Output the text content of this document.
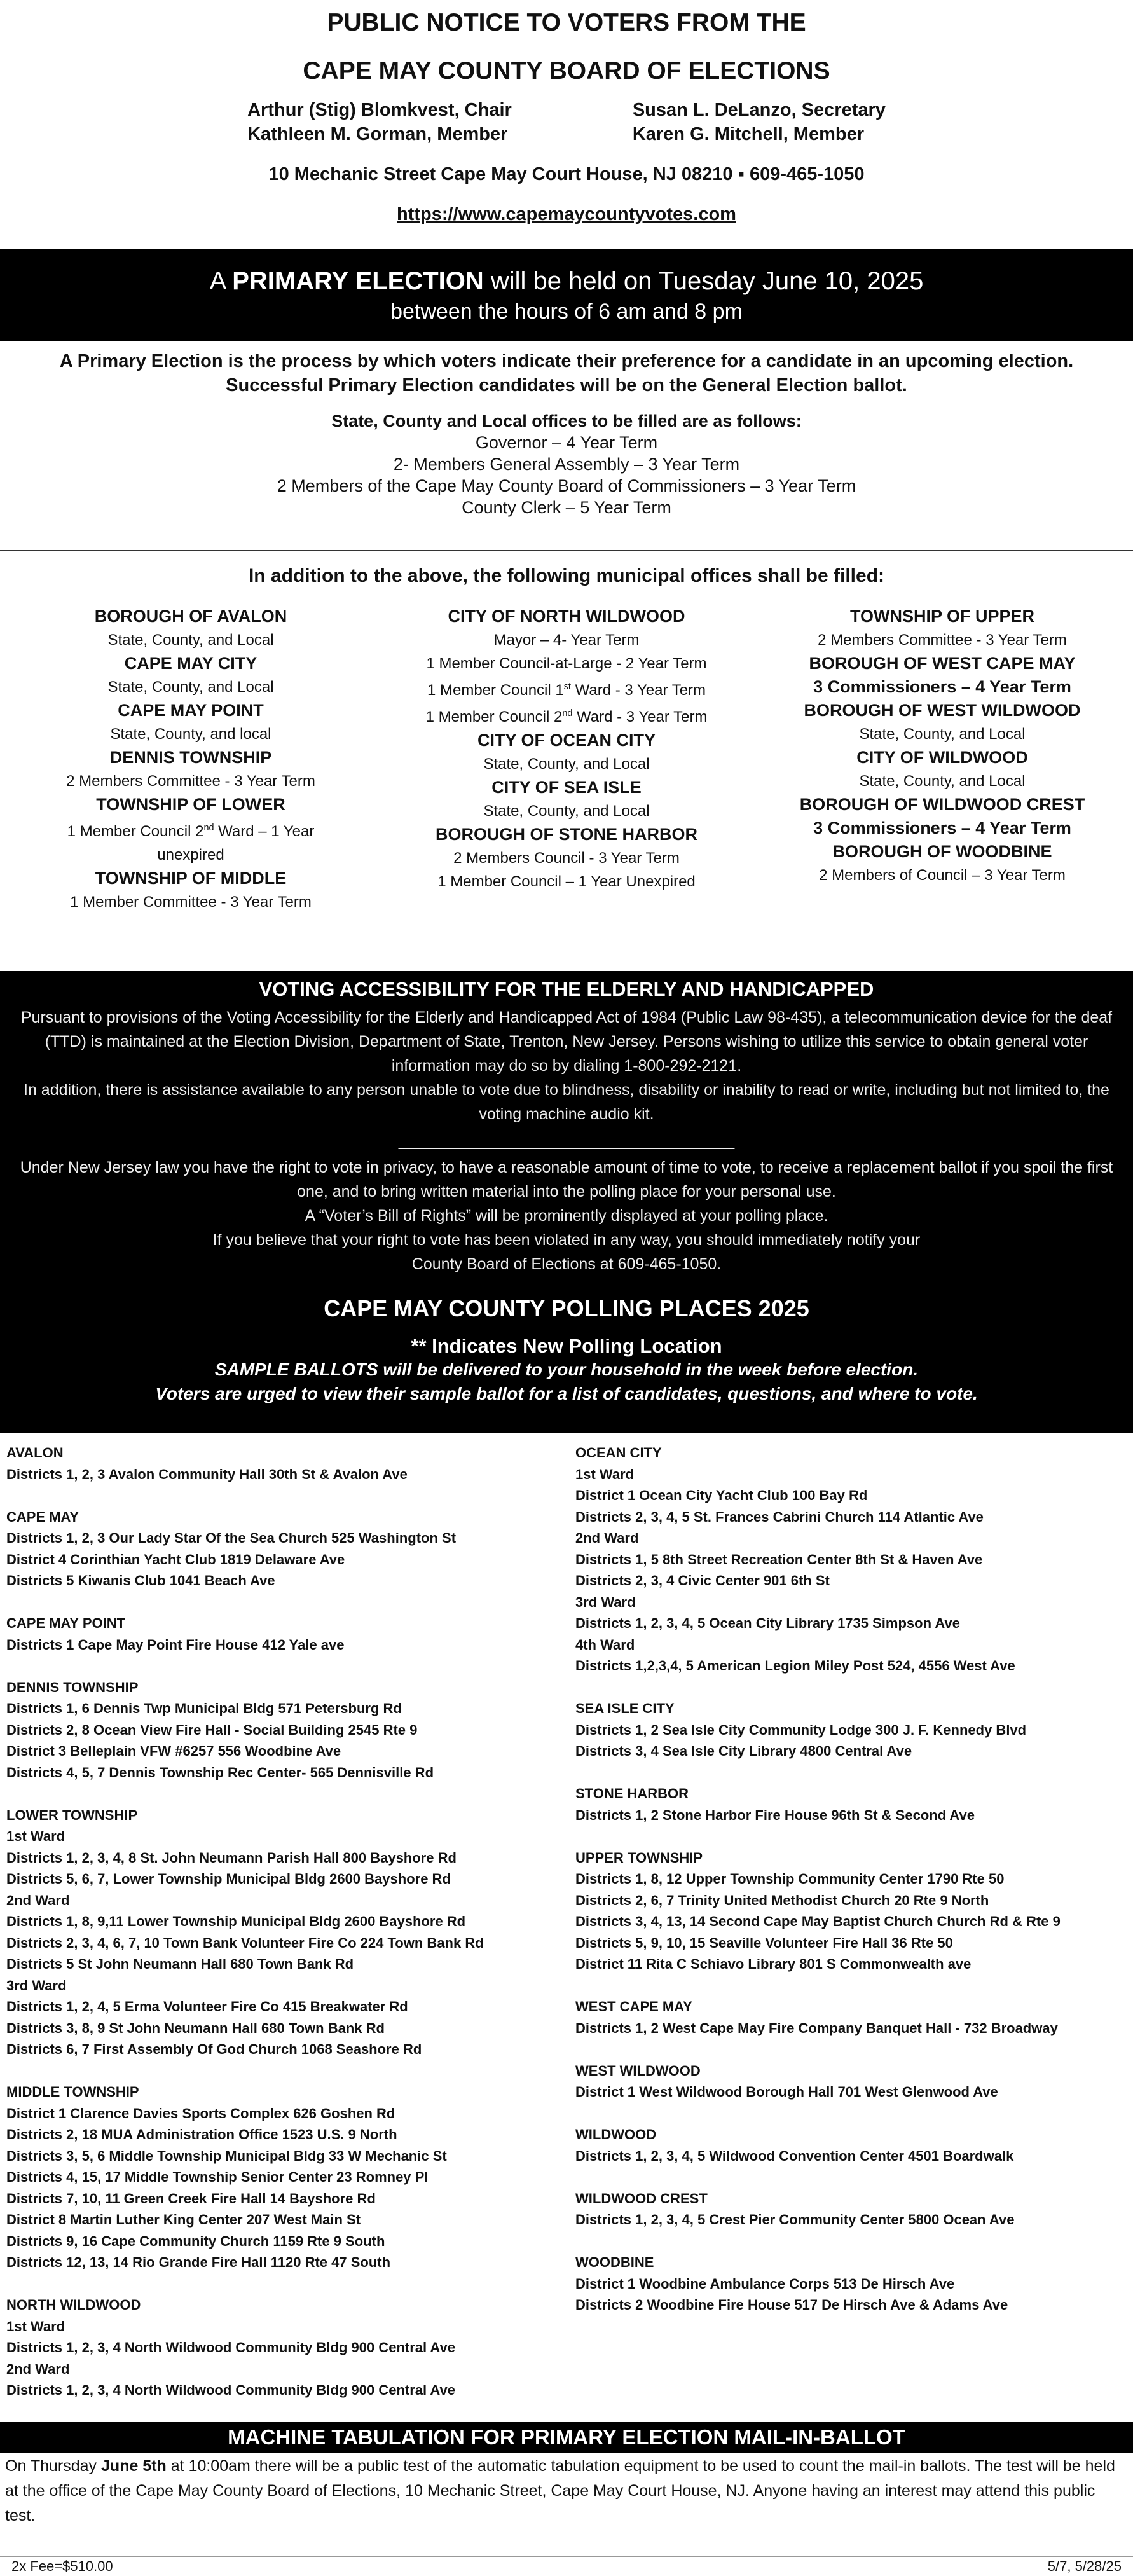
PUBLIC NOTICE TO VOTERS FROM THE
CAPE MAY COUNTY BOARD OF ELECTIONS
Arthur (Stig) Blomkvest, Chair
Kathleen M. Gorman, Member
Susan L. DeLanzo, Secretary
Karen G. Mitchell, Member
10 Mechanic Street Cape May Court House, NJ 08210 ▪ 609-465-1050
https://www.capemaycountyvotes.com
A PRIMARY ELECTION will be held on Tuesday June 10, 2025
between the hours of 6 am and 8 pm
A Primary Election is the process by which voters indicate their preference for a candidate in an upcoming election.
Successful Primary Election candidates will be on the General Election ballot.
State, County and Local offices to be filled are as follows:
Governor – 4 Year Term
2- Members General Assembly – 3 Year Term
2 Members of the Cape May County Board of Commissioners – 3 Year Term
County Clerk – 5 Year Term
In addition to the above, the following municipal offices shall be filled:
BOROUGH OF AVALON
State, County, and Local
CAPE MAY CITY
State, County, and Local
CAPE MAY POINT
State, County, and local
DENNIS TOWNSHIP
2 Members Committee - 3 Year Term
TOWNSHIP OF LOWER
1 Member Council 2nd Ward – 1 Year
unexpired
TOWNSHIP OF MIDDLE
1 Member Committee - 3 Year Term
CITY OF NORTH WILDWOOD
Mayor – 4- Year Term
1 Member Council-at-Large - 2 Year Term
1 Member Council 1st Ward - 3 Year Term
1 Member Council 2nd Ward - 3 Year Term
CITY OF OCEAN CITY
State, County, and Local
CITY OF SEA ISLE
State, County, and Local
BOROUGH OF STONE HARBOR
2 Members Council - 3 Year Term
1 Member Council – 1 Year Unexpired
TOWNSHIP OF UPPER
2 Members Committee - 3 Year Term
BOROUGH OF WEST CAPE MAY
3 Commissioners – 4 Year Term
BOROUGH OF WEST WILDWOOD
State, County, and Local
CITY OF WILDWOOD
State, County, and Local
BOROUGH OF WILDWOOD CREST
3 Commissioners – 4 Year Term
BOROUGH OF WOODBINE
2 Members of Council – 3 Year Term
VOTING ACCESSIBILITY FOR THE ELDERLY AND HANDICAPPED
Pursuant to provisions of the Voting Accessibility for the Elderly and Handicapped Act of 1984 (Public Law 98-435), a telecommunication device for the deaf (TTD) is maintained at the Election Division, Department of State, Trenton, New Jersey. Persons wishing to utilize this service to obtain general voter information may do so by dialing 1-800-292-2121.
In addition, there is assistance available to any person unable to vote due to blindness, disability or inability to read or write, including but not limited to, the voting machine audio kit.
______________________________________
Under New Jersey law you have the right to vote in privacy, to have a reasonable amount of time to vote, to receive a replacement ballot if you spoil the first one, and to bring written material into the polling place for your personal use.
A “Voter’s Bill of Rights” will be prominently displayed at your polling place.
If you believe that your right to vote has been violated in any way, you should immediately notify your
County Board of Elections at 609-465-1050.
CAPE MAY COUNTY POLLING PLACES 2025
** Indicates New Polling Location
SAMPLE BALLOTS will be delivered to your household in the week before election.
Voters are urged to view their sample ballot for a list of candidates, questions, and where to vote.
AVALON
Districts 1, 2, 3 Avalon Community Hall 30th St & Avalon Ave
CAPE MAY
Districts 1, 2, 3 Our Lady Star Of the Sea Church 525 Washington St
District 4 Corinthian Yacht Club 1819 Delaware Ave
Districts 5 Kiwanis Club 1041 Beach Ave
CAPE MAY POINT
Districts 1 Cape May Point Fire House 412 Yale ave
DENNIS TOWNSHIP
Districts 1, 6 Dennis Twp Municipal Bldg 571 Petersburg Rd
Districts 2, 8 Ocean View Fire Hall - Social Building 2545 Rte 9
District 3 Belleplain VFW #6257 556 Woodbine Ave
Districts 4, 5, 7 Dennis Township Rec Center- 565 Dennisville Rd
LOWER TOWNSHIP
1st Ward
Districts 1, 2, 3, 4, 8 St. John Neumann Parish Hall 800 Bayshore Rd
Districts 5, 6, 7, Lower Township Municipal Bldg 2600 Bayshore Rd
2nd Ward
Districts 1, 8, 9,11 Lower Township Municipal Bldg 2600 Bayshore Rd
Districts 2, 3, 4, 6, 7, 10 Town Bank Volunteer Fire Co 224 Town Bank Rd
Districts 5 St John Neumann Hall 680 Town Bank Rd
3rd Ward
Districts 1, 2, 4, 5 Erma Volunteer Fire Co 415 Breakwater Rd
Districts 3, 8, 9 St John Neumann Hall 680 Town Bank Rd
Districts 6, 7 First Assembly Of God Church 1068 Seashore Rd
MIDDLE TOWNSHIP
District 1 Clarence Davies Sports Complex 626 Goshen Rd
Districts 2, 18 MUA Administration Office 1523 U.S. 9 North
Districts 3, 5, 6 Middle Township Municipal Bldg 33 W Mechanic St
Districts 4, 15, 17 Middle Township Senior Center 23 Romney Pl
Districts 7, 10, 11 Green Creek Fire Hall 14 Bayshore Rd
District 8 Martin Luther King Center 207 West Main St
Districts 9, 16 Cape Community Church 1159 Rte 9 South
Districts 12, 13, 14 Rio Grande Fire Hall 1120 Rte 47 South
NORTH WILDWOOD
1st Ward
Districts 1, 2, 3, 4 North Wildwood Community Bldg 900 Central Ave
2nd Ward
Districts 1, 2, 3, 4 North Wildwood Community Bldg 900 Central Ave
OCEAN CITY
1st Ward
District 1 Ocean City Yacht Club 100 Bay Rd
Districts 2, 3, 4, 5 St. Frances Cabrini Church 114 Atlantic Ave
2nd Ward
Districts 1, 5 8th Street Recreation Center 8th St & Haven Ave
Districts 2, 3, 4 Civic Center 901 6th St
3rd Ward
Districts 1, 2, 3, 4, 5 Ocean City Library 1735 Simpson Ave
4th Ward
Districts 1,2,3,4, 5 American Legion Miley Post 524, 4556 West Ave
SEA ISLE CITY
Districts 1, 2 Sea Isle City Community Lodge 300 J. F. Kennedy Blvd
Districts 3, 4 Sea Isle City Library 4800 Central Ave
STONE HARBOR
Districts 1, 2 Stone Harbor Fire House 96th St & Second Ave
UPPER TOWNSHIP
Districts 1, 8, 12 Upper Township Community Center 1790 Rte 50
Districts 2, 6, 7 Trinity United Methodist Church 20 Rte 9 North
Districts 3, 4, 13, 14 Second Cape May Baptist Church Church Rd & Rte 9
Districts 5, 9, 10, 15 Seaville Volunteer Fire Hall 36 Rte 50
District 11 Rita C Schiavo Library 801 S Commonwealth ave
WEST CAPE MAY
Districts 1, 2 West Cape May Fire Company Banquet Hall - 732 Broadway
WEST WILDWOOD
District 1 West Wildwood Borough Hall 701 West Glenwood Ave
WILDWOOD
Districts 1, 2, 3, 4, 5 Wildwood Convention Center 4501 Boardwalk
WILDWOOD CREST
Districts 1, 2, 3, 4, 5 Crest Pier Community Center 5800 Ocean Ave
WOODBINE
District 1 Woodbine Ambulance Corps 513 De Hirsch Ave
Districts 2 Woodbine Fire House 517 De Hirsch Ave & Adams Ave
MACHINE TABULATION FOR PRIMARY ELECTION MAIL-IN-BALLOT
On Thursday June 5th at 10:00am there will be a public test of the automatic tabulation equipment to be used to count the mail-in ballots. The test will be held at the office of the Cape May County Board of Elections, 10 Mechanic Street, Cape May Court House, NJ. Anyone having an interest may attend this public test.
2x Fee=$510.00	5/7, 5/28/25
